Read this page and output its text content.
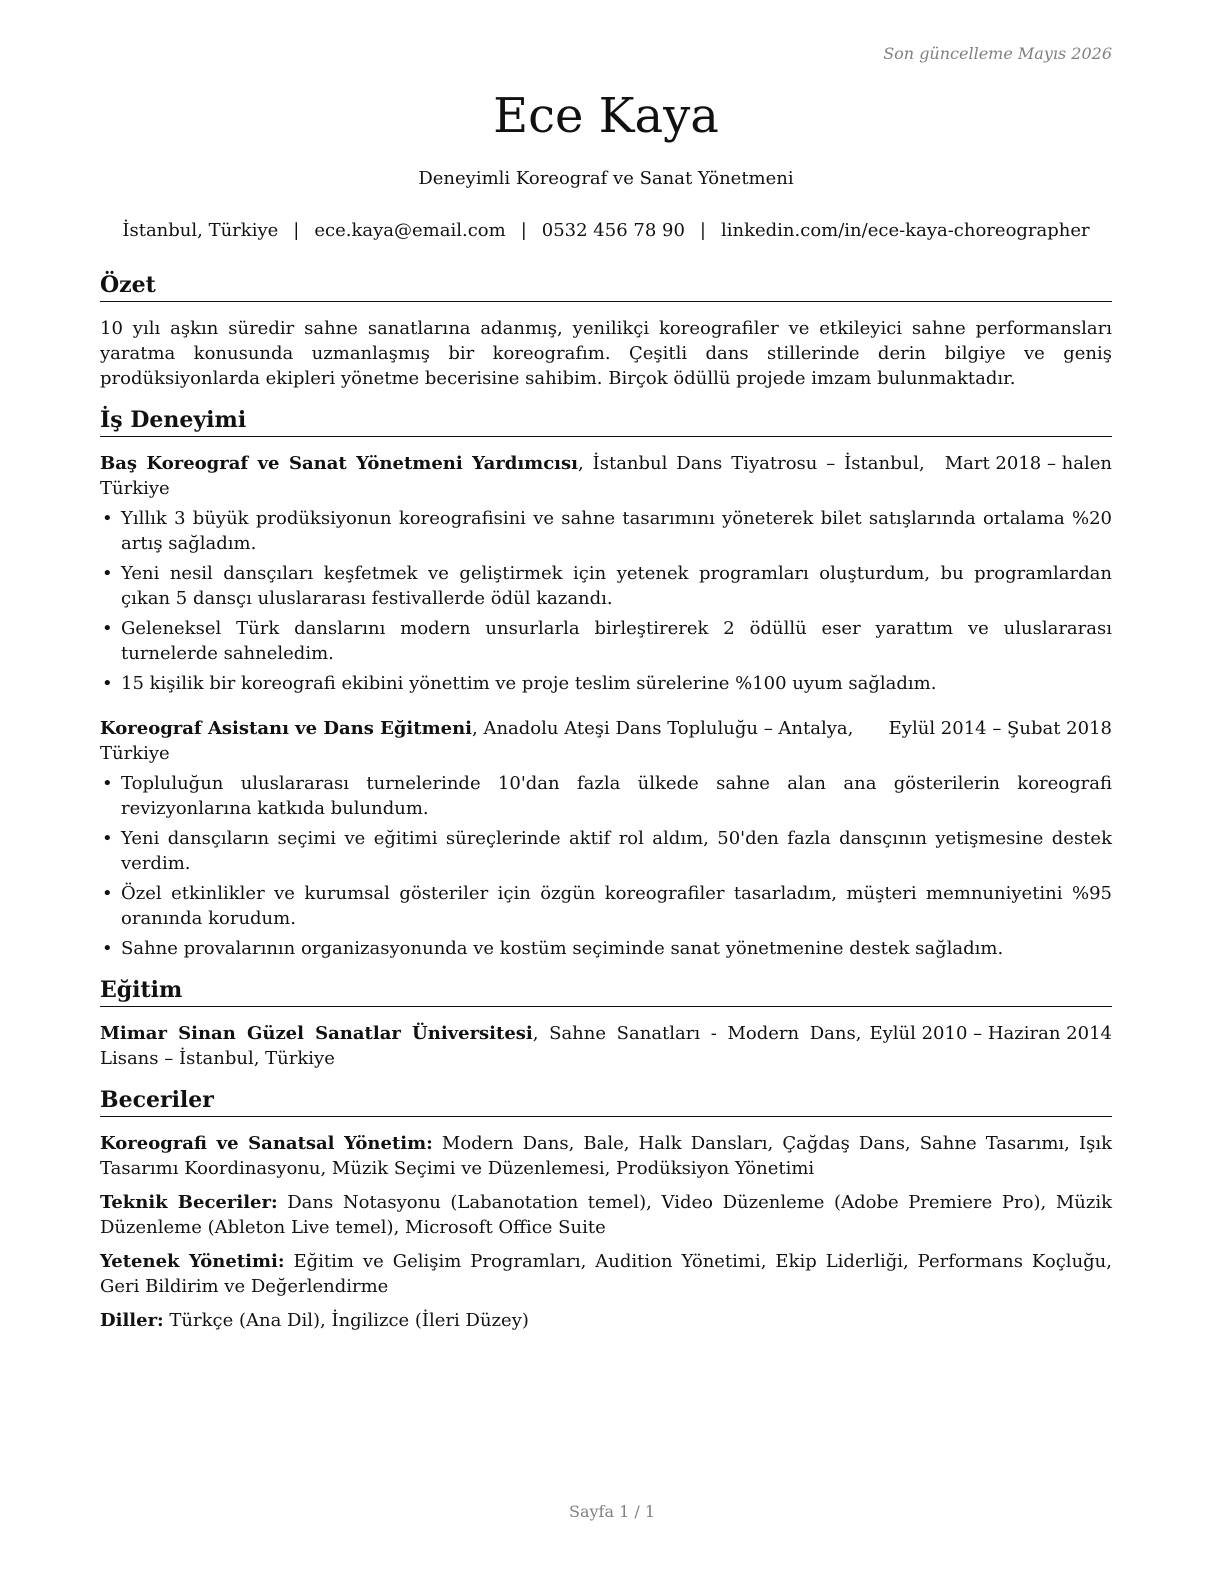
Son güncelleme Mayıs 2026
Ece Kaya
Deneyimli Koreograf ve Sanat Yönetmeni
İstanbul, Türkiye | ece.kaya@email.com | 0532 456 78 90 | linkedin.com/in/ece-kaya-choreographer
Özet

10 yılı aşkın süredir sahne sanatlarına adanmış, yenilikçi koreografiler ve etkileyici sahne performansları yaratma konusunda uzmanlaşmış bir koreografım. Çeşitli dans stillerinde derin bilgiye ve geniş prodüksiyonlarda ekipleri yönetme becerisine sahibim. Birçok ödüllü projede imzam bulunmaktadır.

İş Deneyimi
Mart 2018 – halen
Baş Koreograf ve Sanat Yönetmeni Yardımcısı, İstanbul Dans Tiyatrosu – İstanbul, Türkiye
• Yıllık 3 büyük prodüksiyonun koreografisini ve sahne tasarımını yöneterek bilet satışlarında ortalama %20 artış sağladım.
• Yeni nesil dansçıları keşfetmek ve geliştirmek için yetenek programları oluşturdum, bu programlardan çıkan 5 dansçı uluslararası festivallerde ödül kazandı.
• Geleneksel Türk danslarını modern unsurlarla birleştirerek 2 ödüllü eser yarattım ve uluslararası turnelerde sahneledim.
• 15 kişilik bir koreografi ekibini yönettim ve proje teslim sürelerine %100 uyum sağladım.
Eylül 2014 – Şubat 2018
Koreograf Asistanı ve Dans Eğitmeni, Anadolu Ateşi Dans Topluluğu – Antalya, Türkiye
• Topluluğun uluslararası turnelerinde 10'dan fazla ülkede sahne alan ana gösterilerin koreografi revizyonlarına katkıda bulundum.
• Yeni dansçıların seçimi ve eğitimi süreçlerinde aktif rol aldım, 50'den fazla dansçının yetişmesine destek verdim.
• Özel etkinlikler ve kurumsal gösteriler için özgün koreografiler tasarladım, müşteri memnuniyetini %95 oranında korudum.
• Sahne provalarının organizasyonunda ve kostüm seçiminde sanat yönetmenine destek sağladım.
Eğitim
Eylül 2010 – Haziran 2014
Mimar Sinan Güzel Sanatlar Üniversitesi, Sahne Sanatları - Modern Dans, Lisans – İstanbul, Türkiye
Beceriler

Koreografi ve Sanatsal Yönetim: Modern Dans, Bale, Halk Dansları, Çağdaş Dans, Sahne Tasarımı, Işık Tasarımı Koordinasyonu, Müzik Seçimi ve Düzenlemesi, Prodüksiyon Yönetimi

Teknik Beceriler: Dans Notasyonu (Labanotation temel), Video Düzenleme (Adobe Premiere Pro), Müzik Düzenleme (Ableton Live temel), Microsoft Office Suite

Yetenek Yönetimi: Eğitim ve Gelişim Programları, Audition Yönetimi, Ekip Liderliği, Performans Koçluğu, Geri Bildirim ve Değerlendirme

Diller: Türkçe (Ana Dil), İngilizce (İleri Düzey)

Sayfa 1 / 1
